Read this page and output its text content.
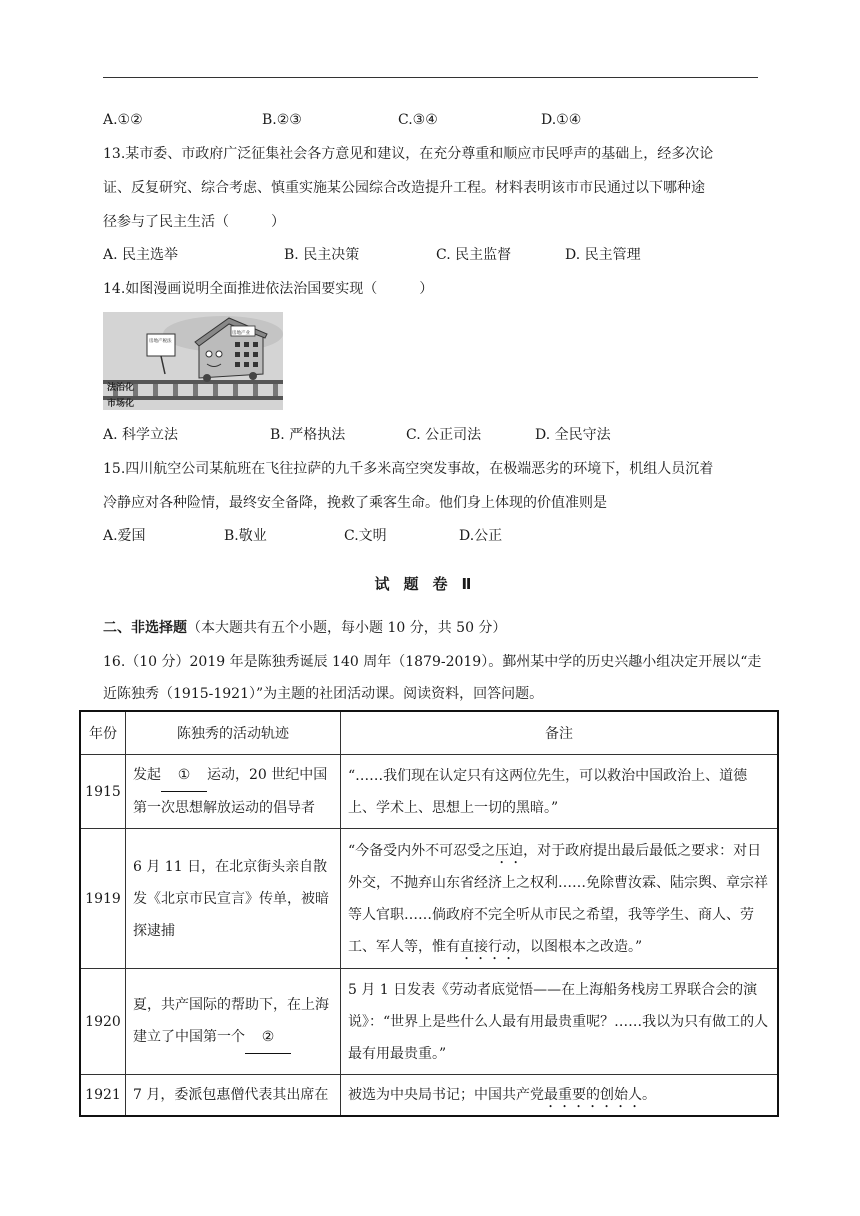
A.①②	B.②③	C.③④	D.①④
13.某市委、市政府广泛征集社会各方意见和建议，在充分尊重和顺应市民呼声的基础上，经多次论
证、反复研究、综合考虑、慎重实施某公园综合改造提升工程。材料表明该市市民通过以下哪种途
径参与了民主生活（　　　）
A. 民主选举	B. 民主决策	C. 民主监督	D. 民主管理
14.如图漫画说明全面推进依法治国要实现（　　　）
法治化
市场化
房地产税法
房地产业
A. 科学立法	B. 严格执法	C. 公正司法	D. 全民守法
15.四川航空公司某航班在飞往拉萨的九千多米高空突发事故，在极端恶劣的环境下，机组人员沉着
冷静应对各种险情，最终安全备降，挽救了乘客生命。他们身上体现的价值准则是
A.爱国	B.敬业	C.文明	D.公正
试题卷Ⅱ
二、非选择题（本大题共有五个小题，每小题 10 分，共 50 分）
16.（10 分）2019 年是陈独秀诞辰 140 周年（1879-2019）。鄞州某中学的历史兴趣小组决定开展以“走
近陈独秀（1915-1921）”为主题的社团活动课。阅读资料，回答问题。
年份	陈独秀的活动轨迹	备注
1915	发起 ① 运动，20 世纪中国第一次思想解放运动的倡导者	“……我们现在认定只有这两位先生，可以救治中国政治上、道德上、学术上、思想上一切的黑暗。”
1919	6 月 11 日，在北京街头亲自散发《北京市民宣言》传单，被暗探逮捕	“今备受内外不可忍受之压迫，对于政府提出最后最低之要求：对日外交，不抛弃山东省经济上之权利……免除曹汝霖、陆宗舆、章宗祥等人官职……倘政府不完全听从市民之希望，我等学生、商人、劳工、军人等，惟有直接行动，以图根本之改造。”
1920	夏，共产国际的帮助下，在上海建立了中国第一个 ②	5 月 1 日发表《劳动者底觉悟——在上海船务栈房工界联合会的演说》：“世界上是些什么人最有用最贵重呢？……我以为只有做工的人最有用最贵重。”
1921	7 月，委派包惠僧代表其出席在	被选为中央局书记；中国共产党最重要的创始人。
